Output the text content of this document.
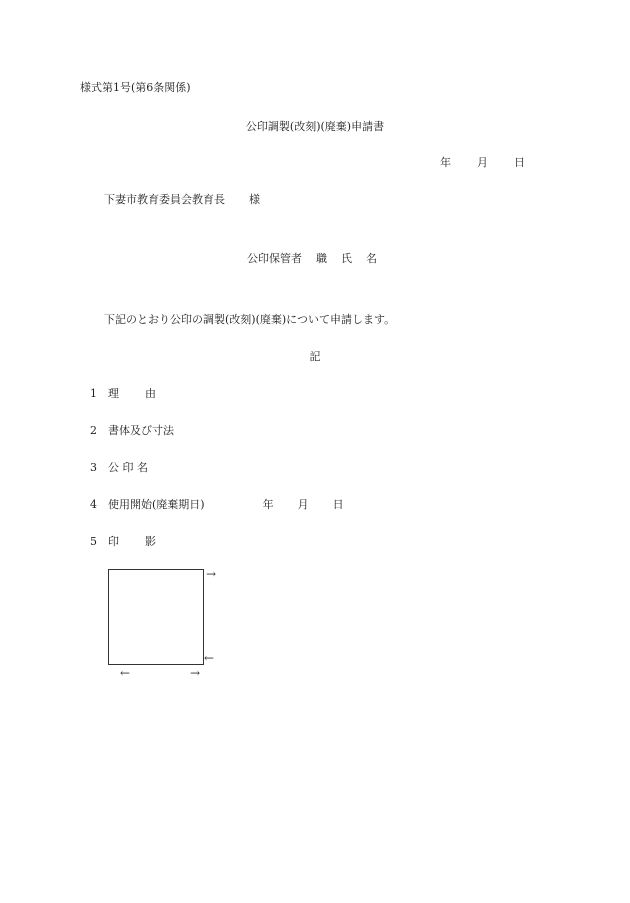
様式第1号(第6条関係)
公印調製(改刻)(廃棄)申請書
年 月 日
下妻市教育委員会教育長 様
公印保管者 職 氏 名
下記のとおり公印の調製(改刻)(廃棄)について申請します。
記
1 理 由
2 書体及び寸法
3 公 印 名
4 使用開始(廃棄期日)	年 月 日
5 印 影
→
←
←	→
